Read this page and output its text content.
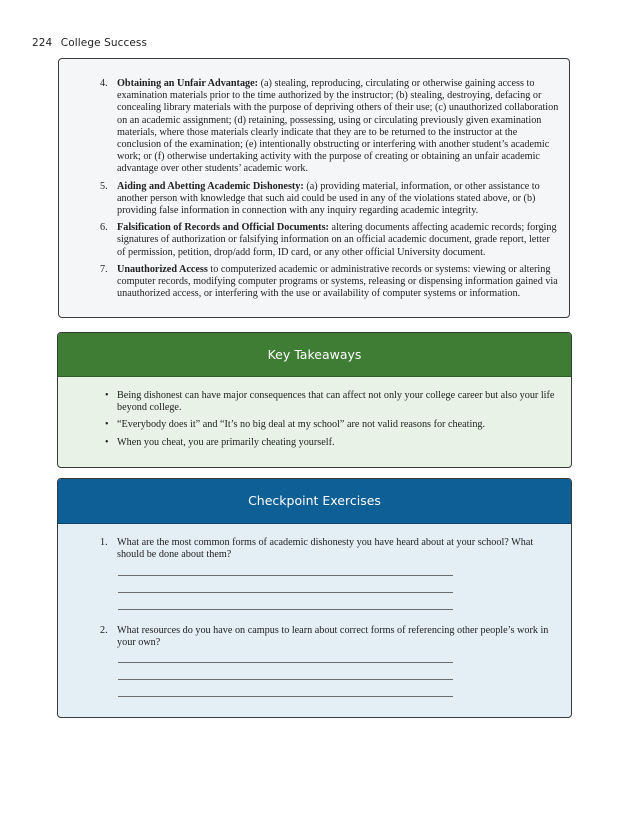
224 College Success
4. Obtaining an Unfair Advantage: (a) stealing, reproducing, circulating or otherwise gaining access to examination materials prior to the time authorized by the instructor; (b) stealing, destroying, defacing or concealing library materials with the purpose of depriving others of their use; (c) unauthorized collaboration on an academic assignment; (d) retaining, possessing, using or circulating previously given examination materials, where those materials clearly indicate that they are to be returned to the instructor at the conclusion of the examination; (e) intentionally obstructing or interfering with another student’s academic work; or (f) otherwise undertaking activity with the purpose of creating or obtaining an unfair academic advantage over other students’ academic work.
5. Aiding and Abetting Academic Dishonesty: (a) providing material, information, or other assistance to another person with knowledge that such aid could be used in any of the violations stated above, or (b) providing false information in connection with any inquiry regarding academic integrity.
6. Falsification of Records and Official Documents: altering documents affecting academic records; forging signatures of authorization or falsifying information on an official academic document, grade report, letter of permission, petition, drop/add form, ID card, or any other official University document.
7. Unauthorized Access to computerized academic or administrative records or systems: viewing or altering computer records, modifying computer programs or systems, releasing or dispensing information gained via unauthorized access, or interfering with the use or availability of computer systems or information.
Key Takeaways
• Being dishonest can have major consequences that can affect not only your college career but also your life beyond college.
• “Everybody does it” and “It’s no big deal at my school” are not valid reasons for cheating.
• When you cheat, you are primarily cheating yourself.
Checkpoint Exercises
1. What are the most common forms of academic dishonesty you have heard about at your school? What should be done about them?
2. What resources do you have on campus to learn about correct forms of referencing other people’s work in your own?
